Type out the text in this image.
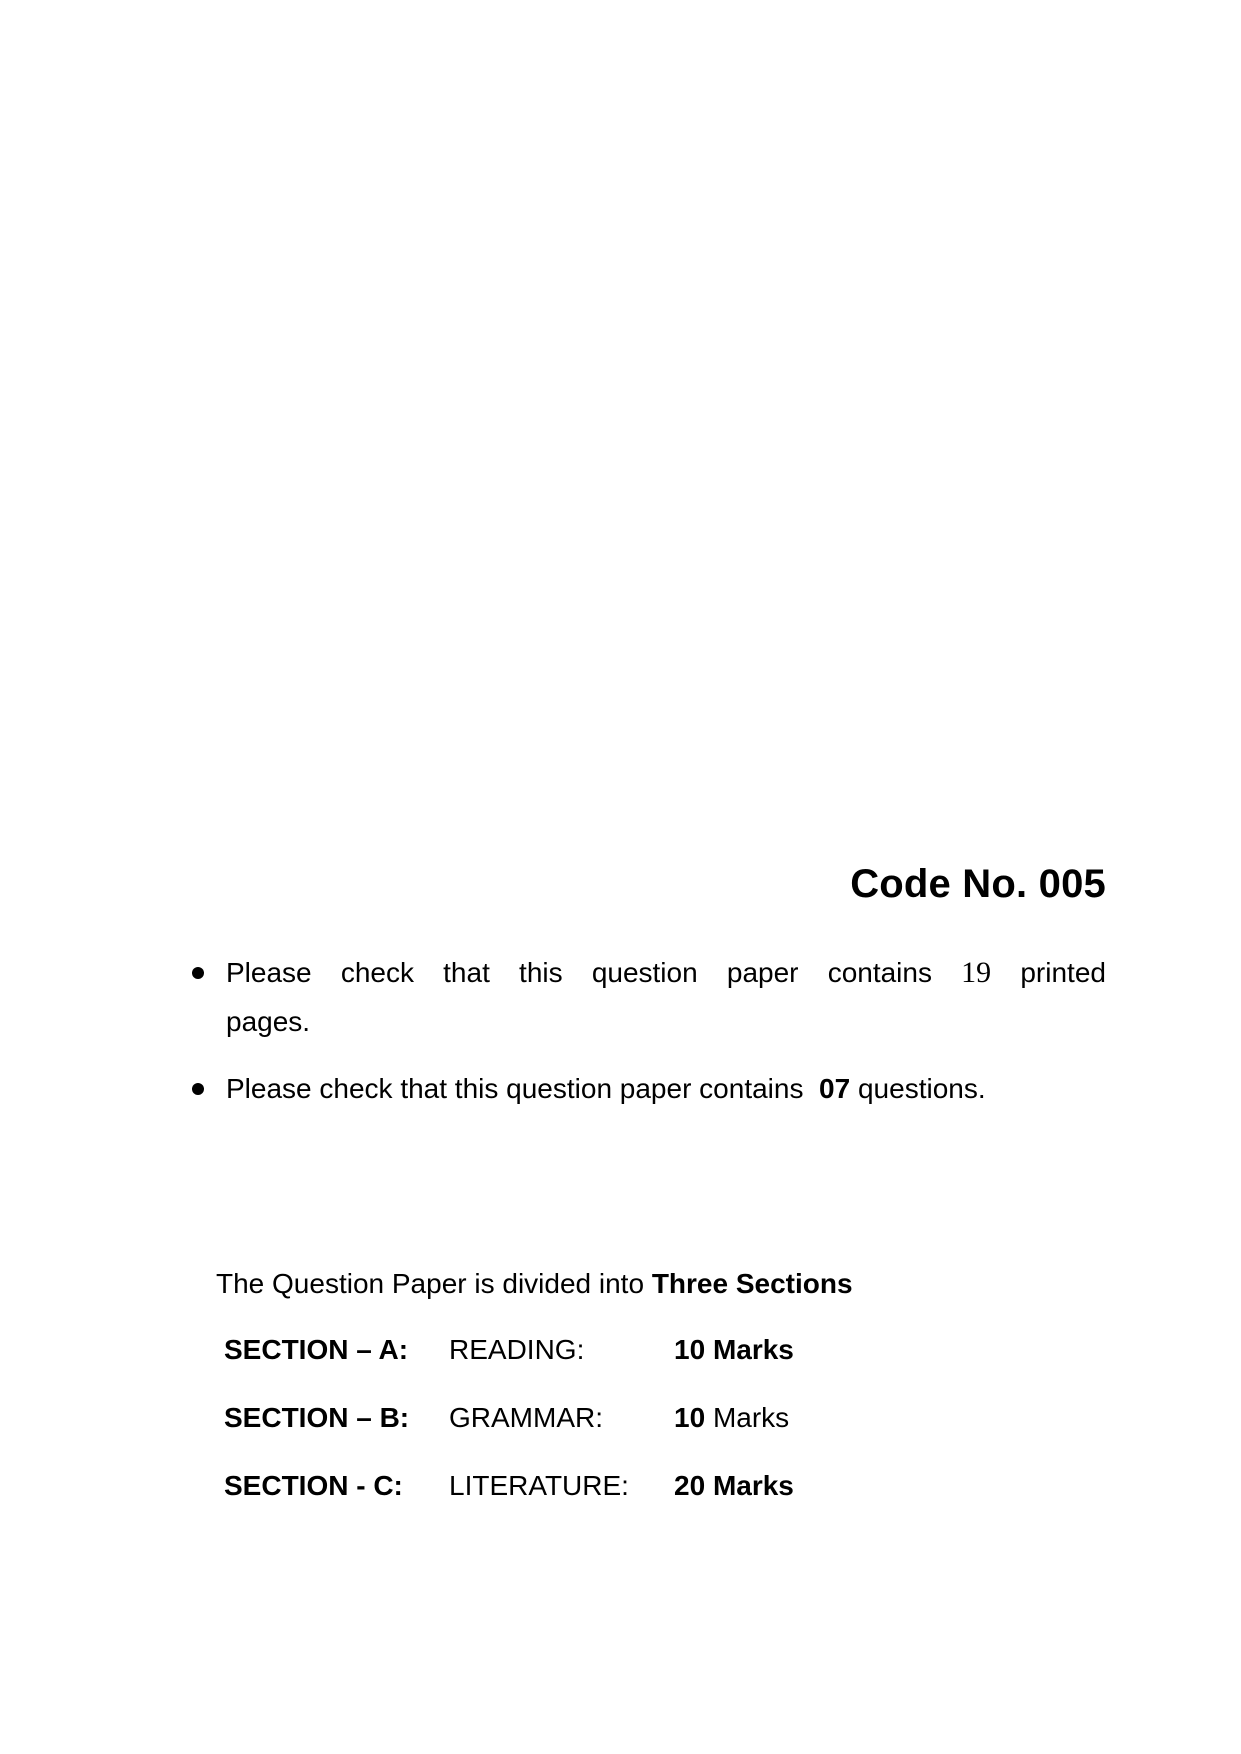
Code No. 005
Please check that this question paper contains 19 printed
pages.
Please check that this question paper contains 07 questions.
The Question Paper is divided into Three Sections
SECTION – A:	READING:	10 Marks
SECTION – B:	GRAMMAR:	10 Marks
SECTION - C:	LITERATURE:	20 Marks
